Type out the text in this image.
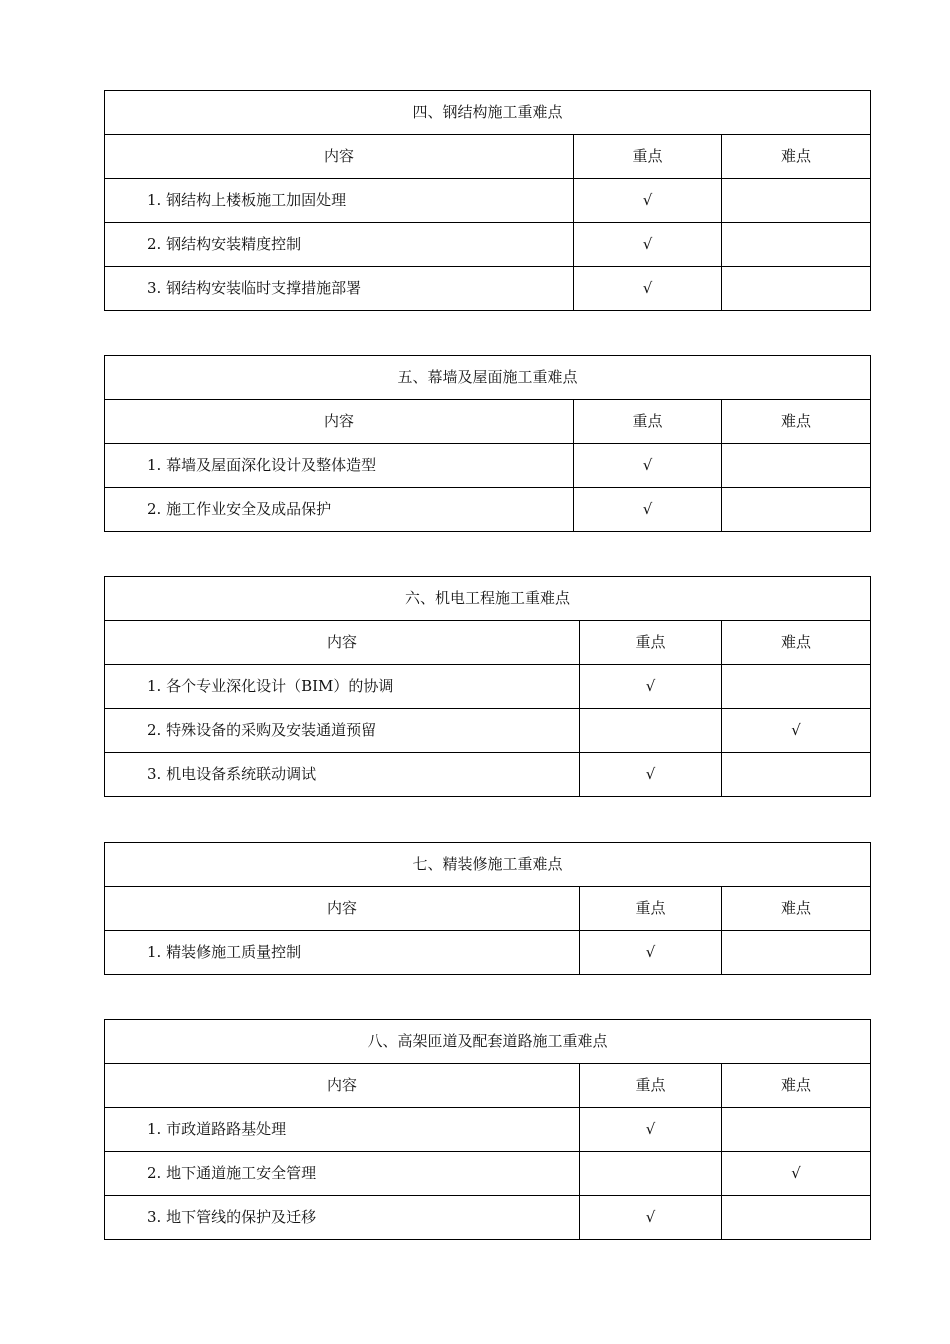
四、钢结构施工重难点		
内容	重点	难点
1. 钢结构上楼板施工加固处理	√	
2. 钢结构安装精度控制	√	
3. 钢结构安装临时支撑措施部署	√	
五、幕墙及屋面施工重难点		
内容	重点	难点
1. 幕墙及屋面深化设计及整体造型	√	
2. 施工作业安全及成品保护	√	
六、机电工程施工重难点		
内容	重点	难点
1. 各个专业深化设计（BIM）的协调	√	
2. 特殊设备的采购及安装通道预留		√
3. 机电设备系统联动调试	√	
七、精装修施工重难点		
内容	重点	难点
1. 精装修施工质量控制	√	
八、高架匝道及配套道路施工重难点		
内容	重点	难点
1. 市政道路路基处理	√	
2. 地下通道施工安全管理		√
3. 地下管线的保护及迁移	√	
